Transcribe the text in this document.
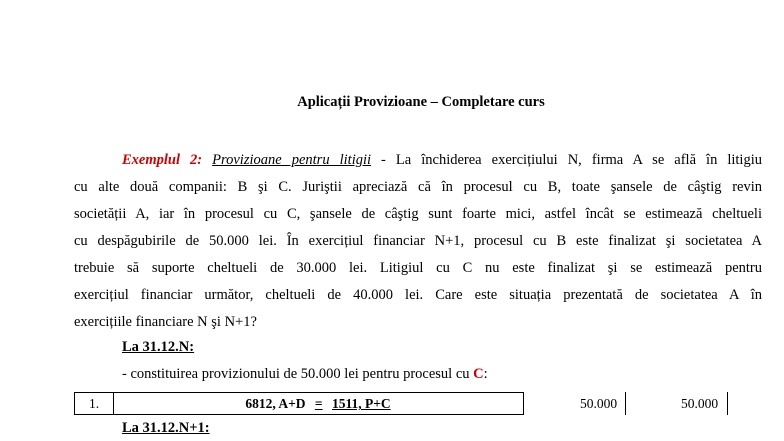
Aplicații Provizioane – Completare curs
Exemplul 2: Provizioane pentru litigii - La închiderea exercițiului N, firma A se află în litigiu
cu alte două companii: B şi C. Juriştii apreciază că în procesul cu B, toate şansele de câştig revin
societății A, iar în procesul cu C, şansele de câştig sunt foarte mici, astfel încât se estimează cheltueli
cu despăgubirile de 50.000 lei. În exercițiul financiar N+1, procesul cu B este finalizat şi societatea A
trebuie să suporte cheltueli de 30.000 lei. Litigiul cu C nu este finalizat şi se estimează pentru
exercițiul financiar următor, cheltueli de 40.000 lei. Care este situația prezentată de societatea A în
exercițiile financiare N şi N+1?
La 31.12.N:
- constituirea provizionului de 50.000 lei pentru procesul cu C:
1.	6812, A+D = 1511, P+C	50.000	50.000
La 31.12.N+1:
